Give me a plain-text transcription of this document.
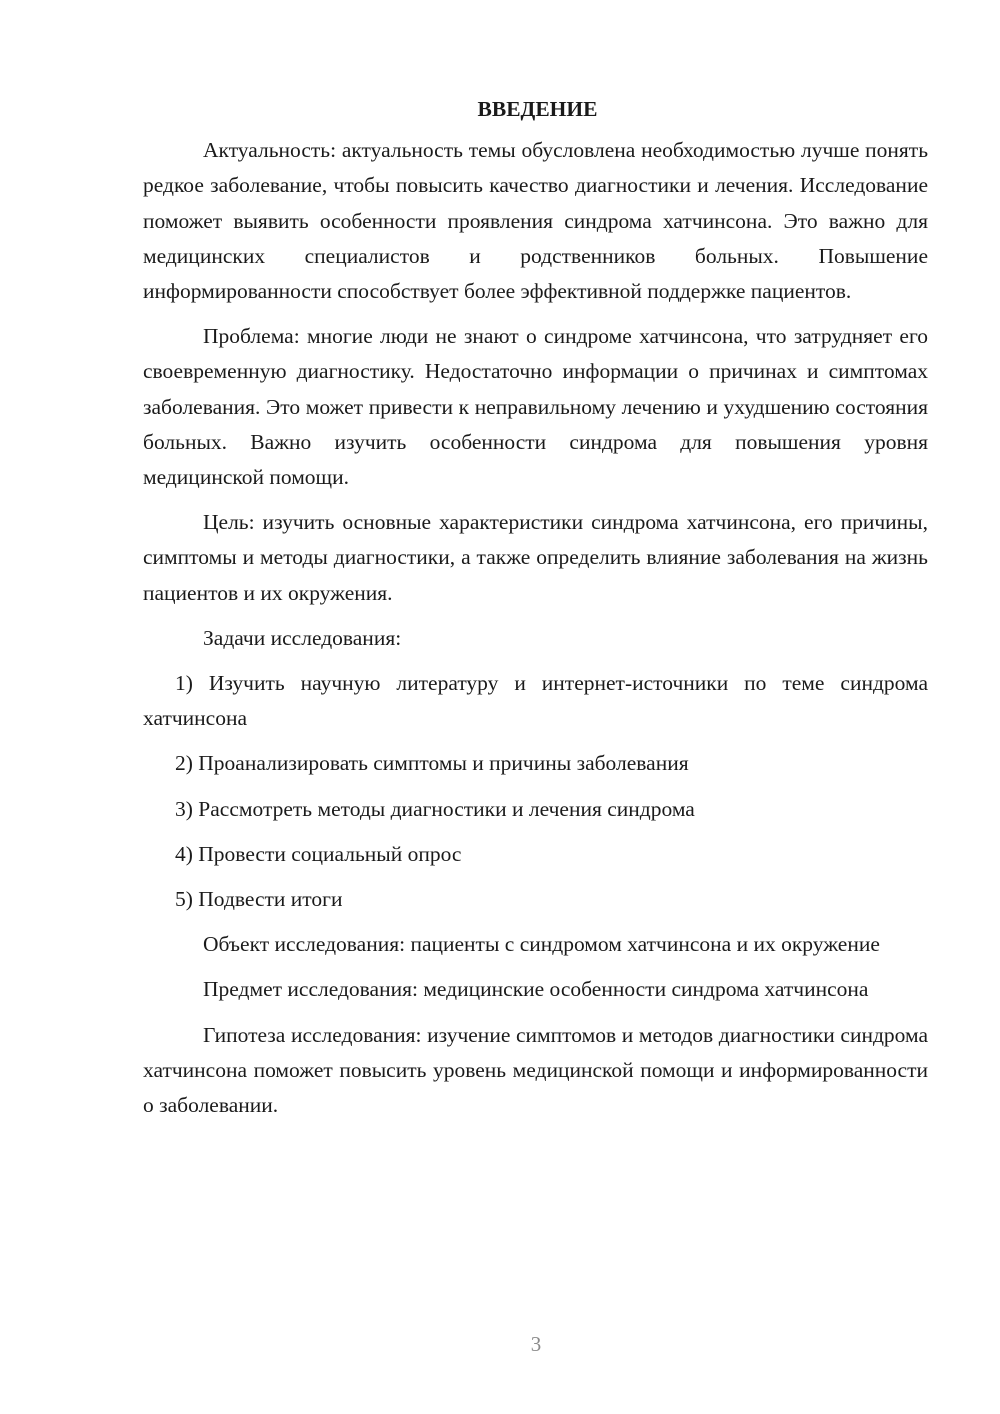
ВВЕДЕНИЕ

Актуальность: актуальность темы обусловлена необходимостью лучше понять редкое заболевание, чтобы повысить качество диагностики и лечения. Исследование поможет выявить особенности проявления синдрома хатчинсона. Это важно для медицинских специалистов и родственников больных. Повышение информированности способствует более эффективной поддержке пациентов.

Проблема: многие люди не знают о синдроме хатчинсона, что затрудняет его своевременную диагностику. Недостаточно информации о причинах и симптомах заболевания. Это может привести к неправильному лечению и ухудшению состояния больных. Важно изучить особенности синдрома для повышения уровня медицинской помощи.

Цель: изучить основные характеристики синдрома хатчинсона, его причины, симптомы и методы диагностики, а также определить влияние заболевания на жизнь пациентов и их окружения.

Задачи исследования:

1) Изучить научную литературу и интернет-источники по теме синдрома хатчинсона

2) Проанализировать симптомы и причины заболевания

3) Рассмотреть методы диагностики и лечения синдрома

4) Провести социальный опрос

5) Подвести итоги

Объект исследования: пациенты с синдромом хатчинсона и их окружение

Предмет исследования: медицинские особенности синдрома хатчинсона

Гипотеза исследования: изучение симптомов и методов диагностики синдрома хатчинсона поможет повысить уровень медицинской помощи и информированности о заболевании.

3
